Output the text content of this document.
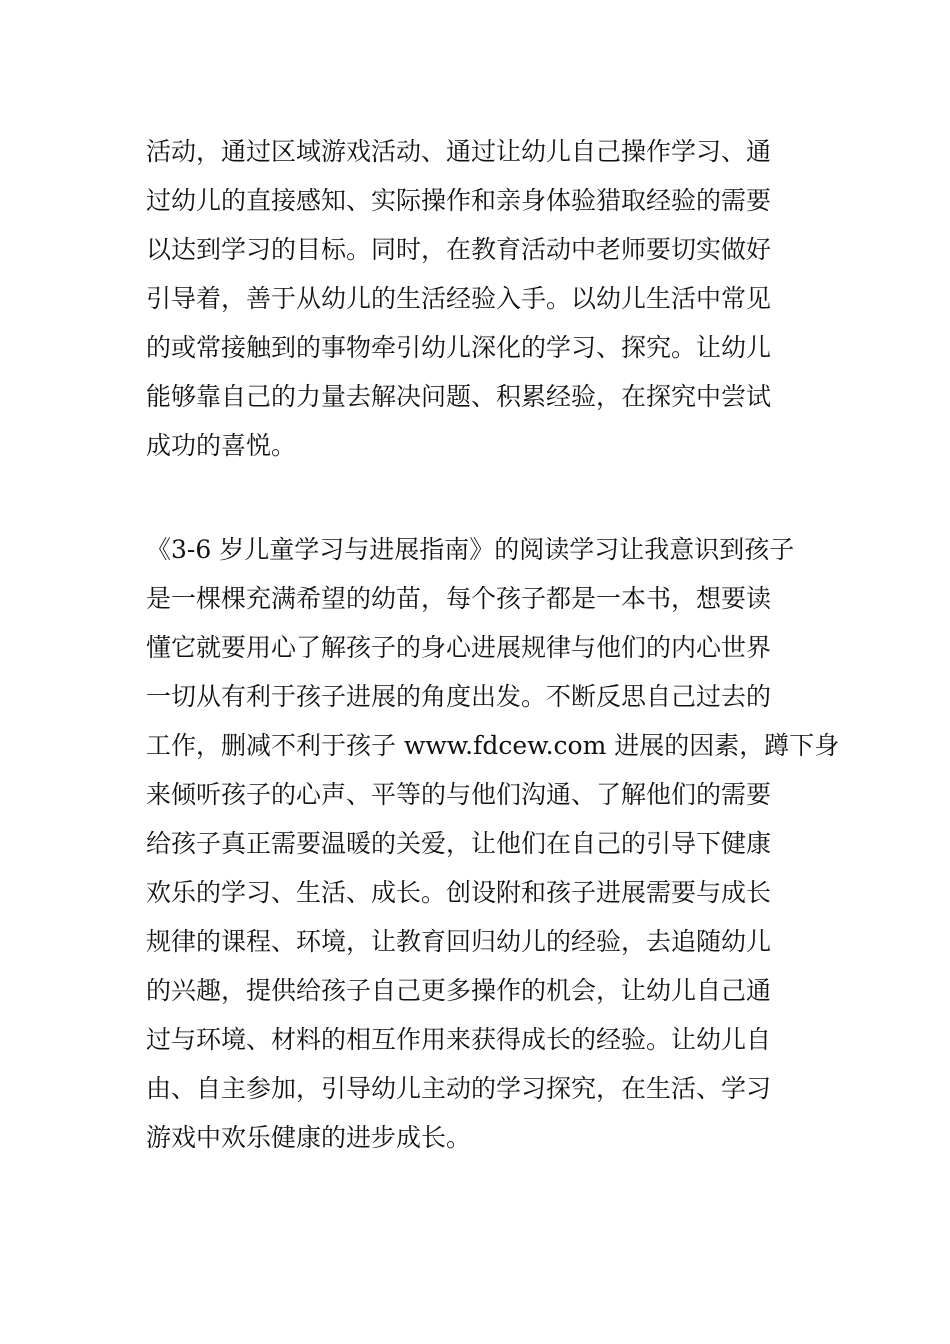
活动，通过区域游戏活动、通过让幼儿自己操作学习、通
过幼儿的直接感知、实际操作和亲身体验猎取经验的需要
以达到学习的目标。同时，在教育活动中老师要切实做好
引导着，善于从幼儿的生活经验入手。以幼儿生活中常见
的或常接触到的事物牵引幼儿深化的学习、探究。让幼儿
能够靠自己的力量去解决问题、积累经验，在探究中尝试
成功的喜悦。
《3-6 岁儿童学习与进展指南》的阅读学习让我意识到孩子
是一棵棵充满希望的幼苗，每个孩子都是一本书，想要读
懂它就要用心了解孩子的身心进展规律与他们的内心世界
一切从有利于孩子进展的角度出发。不断反思自己过去的
工作，删减不利于孩子 www.fdcew.com 进展的因素，蹲下身
来倾听孩子的心声、平等的与他们沟通、了解他们的需要
给孩子真正需要温暖的关爱，让他们在自己的引导下健康
欢乐的学习、生活、成长。创设附和孩子进展需要与成长
规律的课程、环境，让教育回归幼儿的经验，去追随幼儿
的兴趣，提供给孩子自己更多操作的机会，让幼儿自己通
过与环境、材料的相互作用来获得成长的经验。让幼儿自
由、自主参加，引导幼儿主动的学习探究，在生活、学习
游戏中欢乐健康的进步成长。
